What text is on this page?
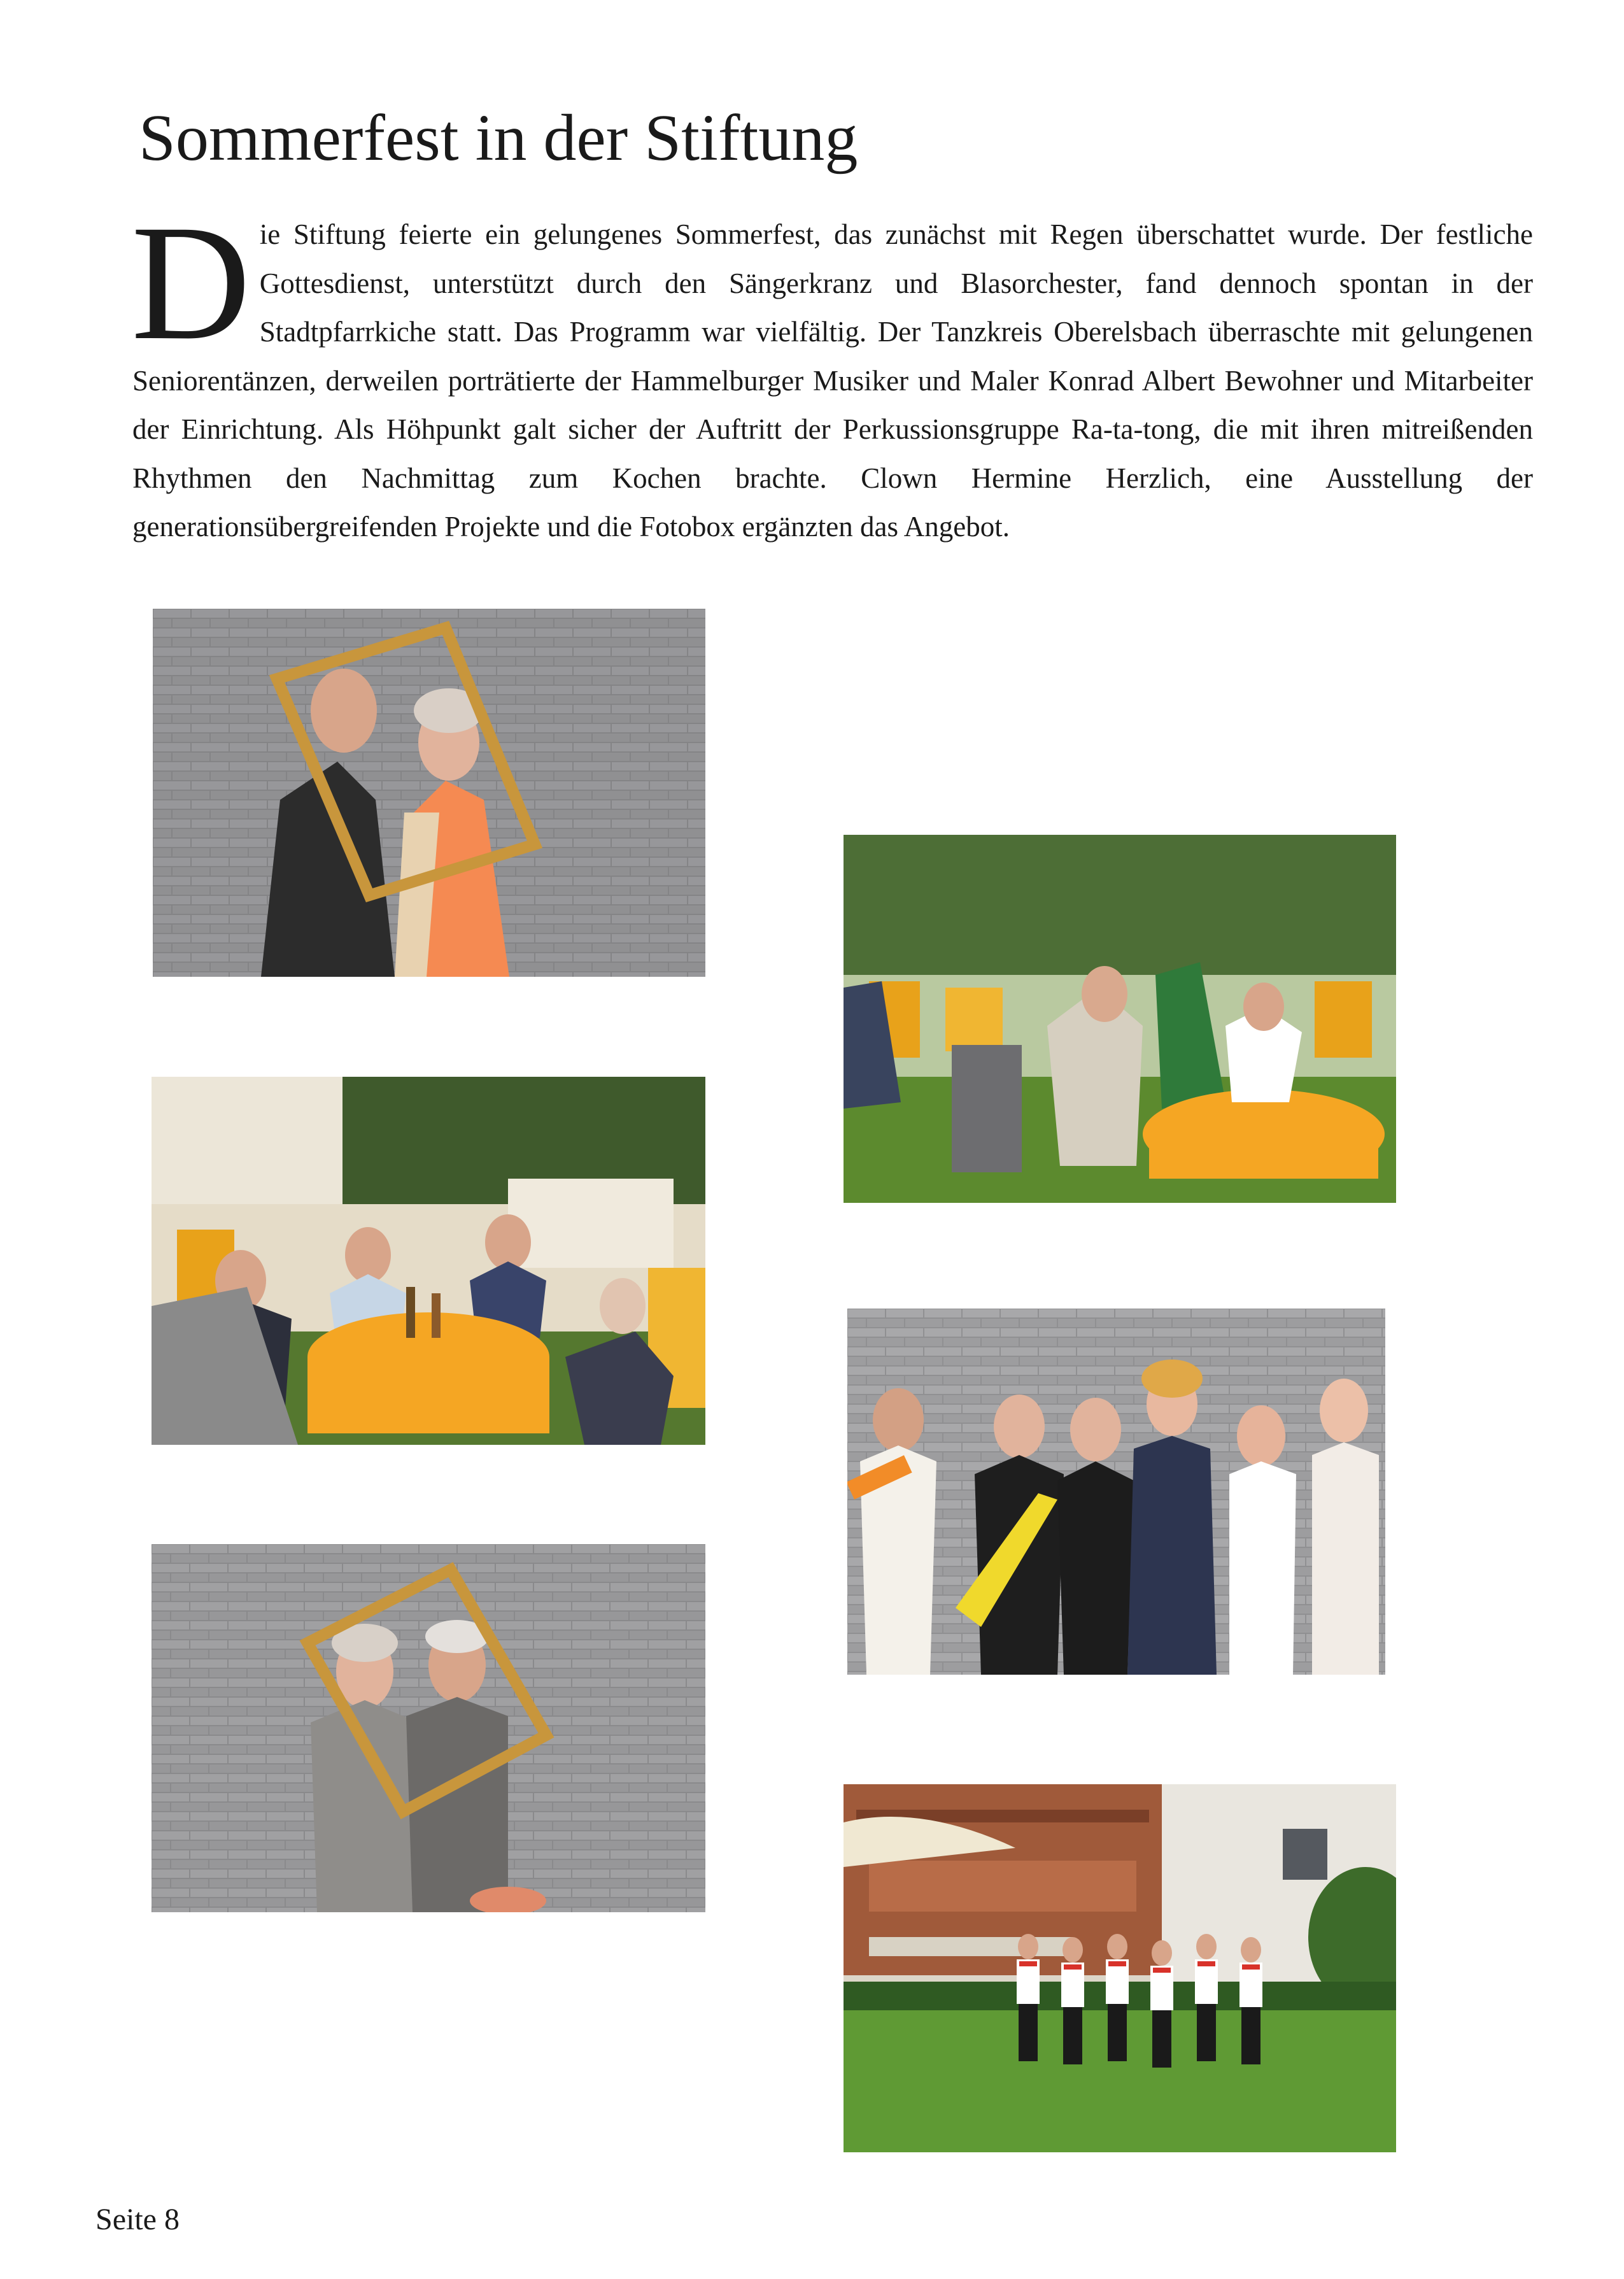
Sommerfest in der Stiftung
Die Stiftung feierte ein gelungenes Sommerfest, das zunächst mit Regen überschattet wurde. Der festliche Gottesdienst, unterstützt durch den Sängerkranz und Blasorchester, fand dennoch spontan in der Stadtpfarrkiche statt. Das Programm war vielfältig. Der Tanzkreis Oberelsbach überraschte mit gelungenen Seniorentänzen, derweilen porträtierte der Hammelburger Musiker und Maler Konrad Albert Bewohner und Mitarbeiter der Einrichtung. Als Höhpunkt galt sicher der Auftritt der Perkussionsgruppe Ra-ta-tong, die mit ihren mitreißenden Rhythmen den Nachmittag zum Kochen brachte. Clown Hermine Herzlich, eine Ausstellung der generationsübergreifenden Projekte und die Fotobox ergänzten das Angebot.

Seite 8
